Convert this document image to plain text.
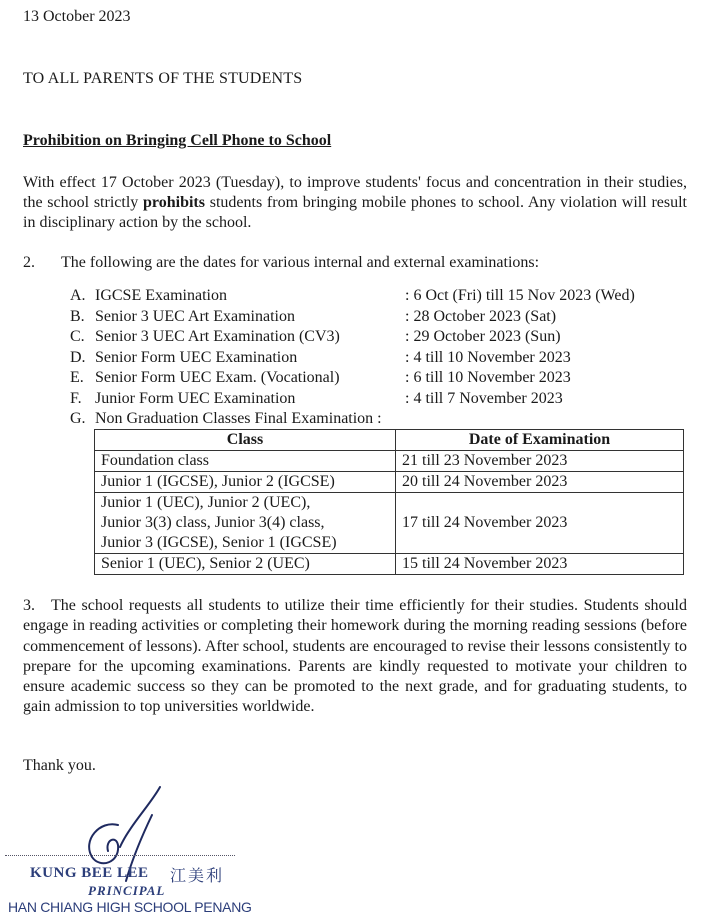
13 October 2023
TO ALL PARENTS OF THE STUDENTS
Prohibition on Bringing Cell Phone to School
With effect 17 October 2023 (Tuesday), to improve students' focus and concentration in their studies, the school strictly prohibits students from bringing mobile phones to school. Any violation will result in disciplinary action by the school.
2. The following are the dates for various internal and external examinations:
A. IGCSE Examination	: 6 Oct (Fri) till 15 Nov 2023 (Wed)
B. Senior 3 UEC Art Examination	: 28 October 2023 (Sat)
C. Senior 3 UEC Art Examination (CV3)	: 29 October 2023 (Sun)
D. Senior Form UEC Examination	: 4 till 10 November 2023
E. Senior Form UEC Exam. (Vocational)	: 6 till 10 November 2023
F. Junior Form UEC Examination	: 4 till 7 November 2023
G. Non Graduation Classes Final Examination :
Class	Date of Examination
Foundation class	21 till 23 November 2023
Junior 1 (IGCSE), Junior 2 (IGCSE)	20 till 24 November 2023
Junior 1 (UEC), Junior 2 (UEC),
Junior 3(3) class, Junior 3(4) class,
Junior 3 (IGCSE), Senior 1 (IGCSE)	17 till 24 November 2023
Senior 1 (UEC), Senior 2 (UEC)	15 till 24 November 2023
3. The school requests all students to utilize their time efficiently for their studies. Students should engage in reading activities or completing their homework during the morning reading sessions (before commencement of lessons). After school, students are encouraged to revise their lessons consistently to prepare for the upcoming examinations. Parents are kindly requested to motivate your children to ensure academic success so they can be promoted to the next grade, and for graduating students, to gain admission to top universities worldwide.
Thank you.
KUNG BEE LEE 江美利
PRINCIPAL
HAN CHIANG HIGH SCHOOL PENANG
